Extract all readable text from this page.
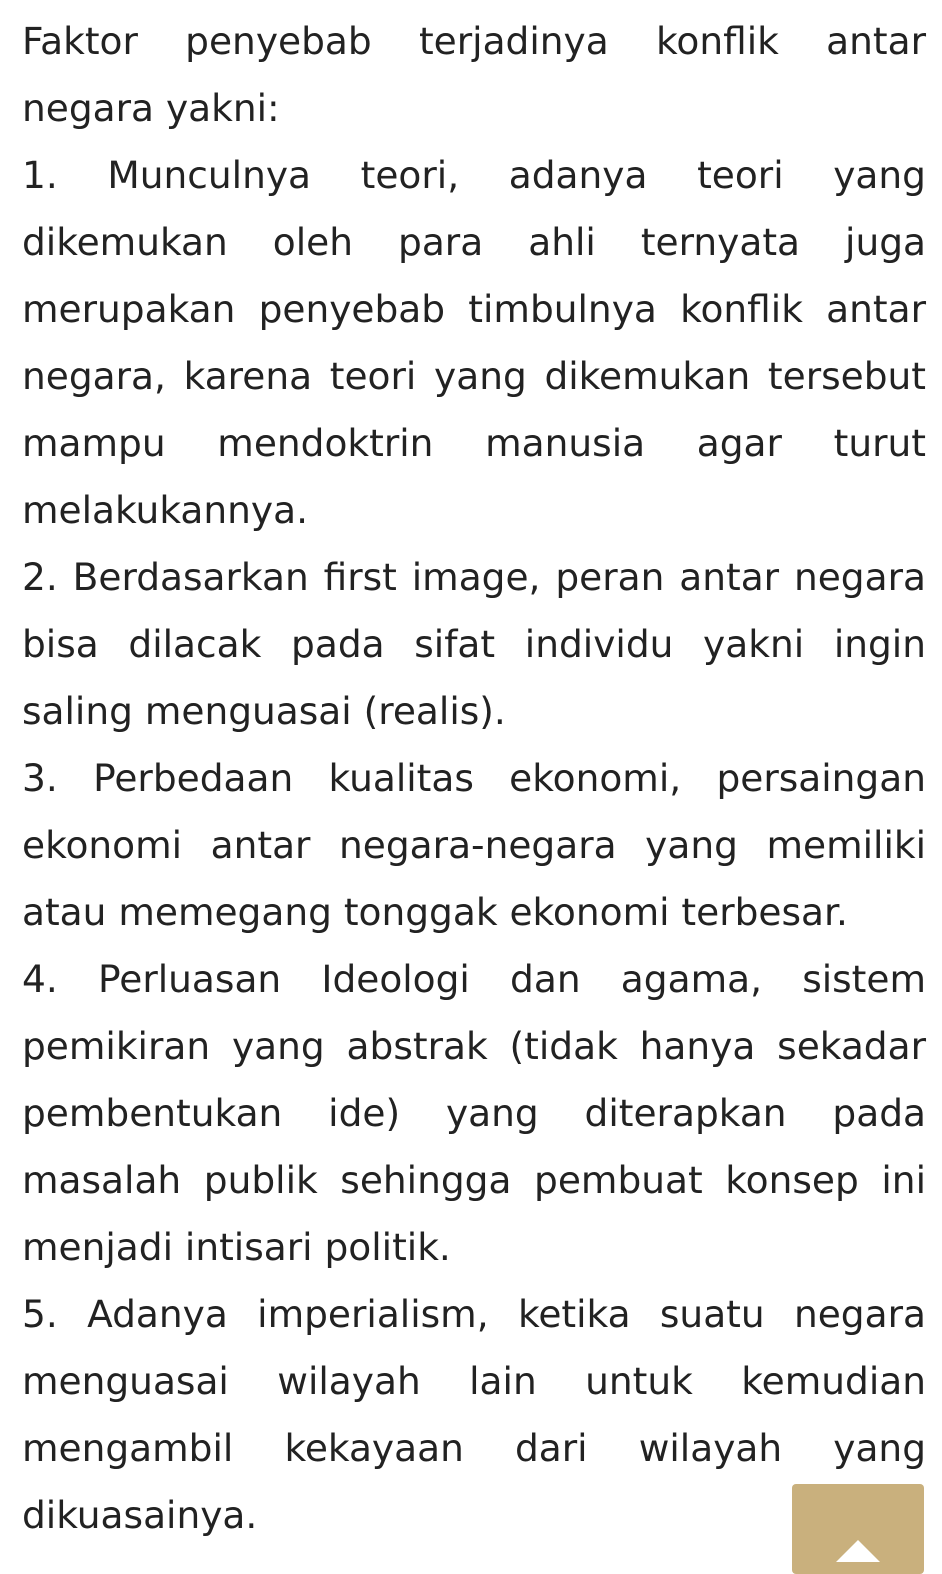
Faktor penyebab terjadinya konflik antar negara yakni:

1. Munculnya teori, adanya teori yang dikemukan oleh para ahli ternyata juga merupakan penyebab timbulnya konflik antar negara, karena teori yang dikemukan tersebut mampu mendoktrin manusia agar turut melakukannya.

2. Berdasarkan first image, peran antar negara bisa dilacak pada sifat individu yakni ingin saling menguasai (realis).

3. Perbedaan kualitas ekonomi, persaingan ekonomi antar negara-negara yang memiliki atau memegang tonggak ekonomi terbesar.

4. Perluasan Ideologi dan agama, sistem pemikiran yang abstrak (tidak hanya sekadar pembentukan ide) yang diterapkan pada masalah publik sehingga pembuat konsep ini menjadi intisari politik.

5. Adanya imperialism, ketika suatu negara menguasai wilayah lain untuk kemudian mengambil kekayaan dari wilayah yang dikuasainya.
